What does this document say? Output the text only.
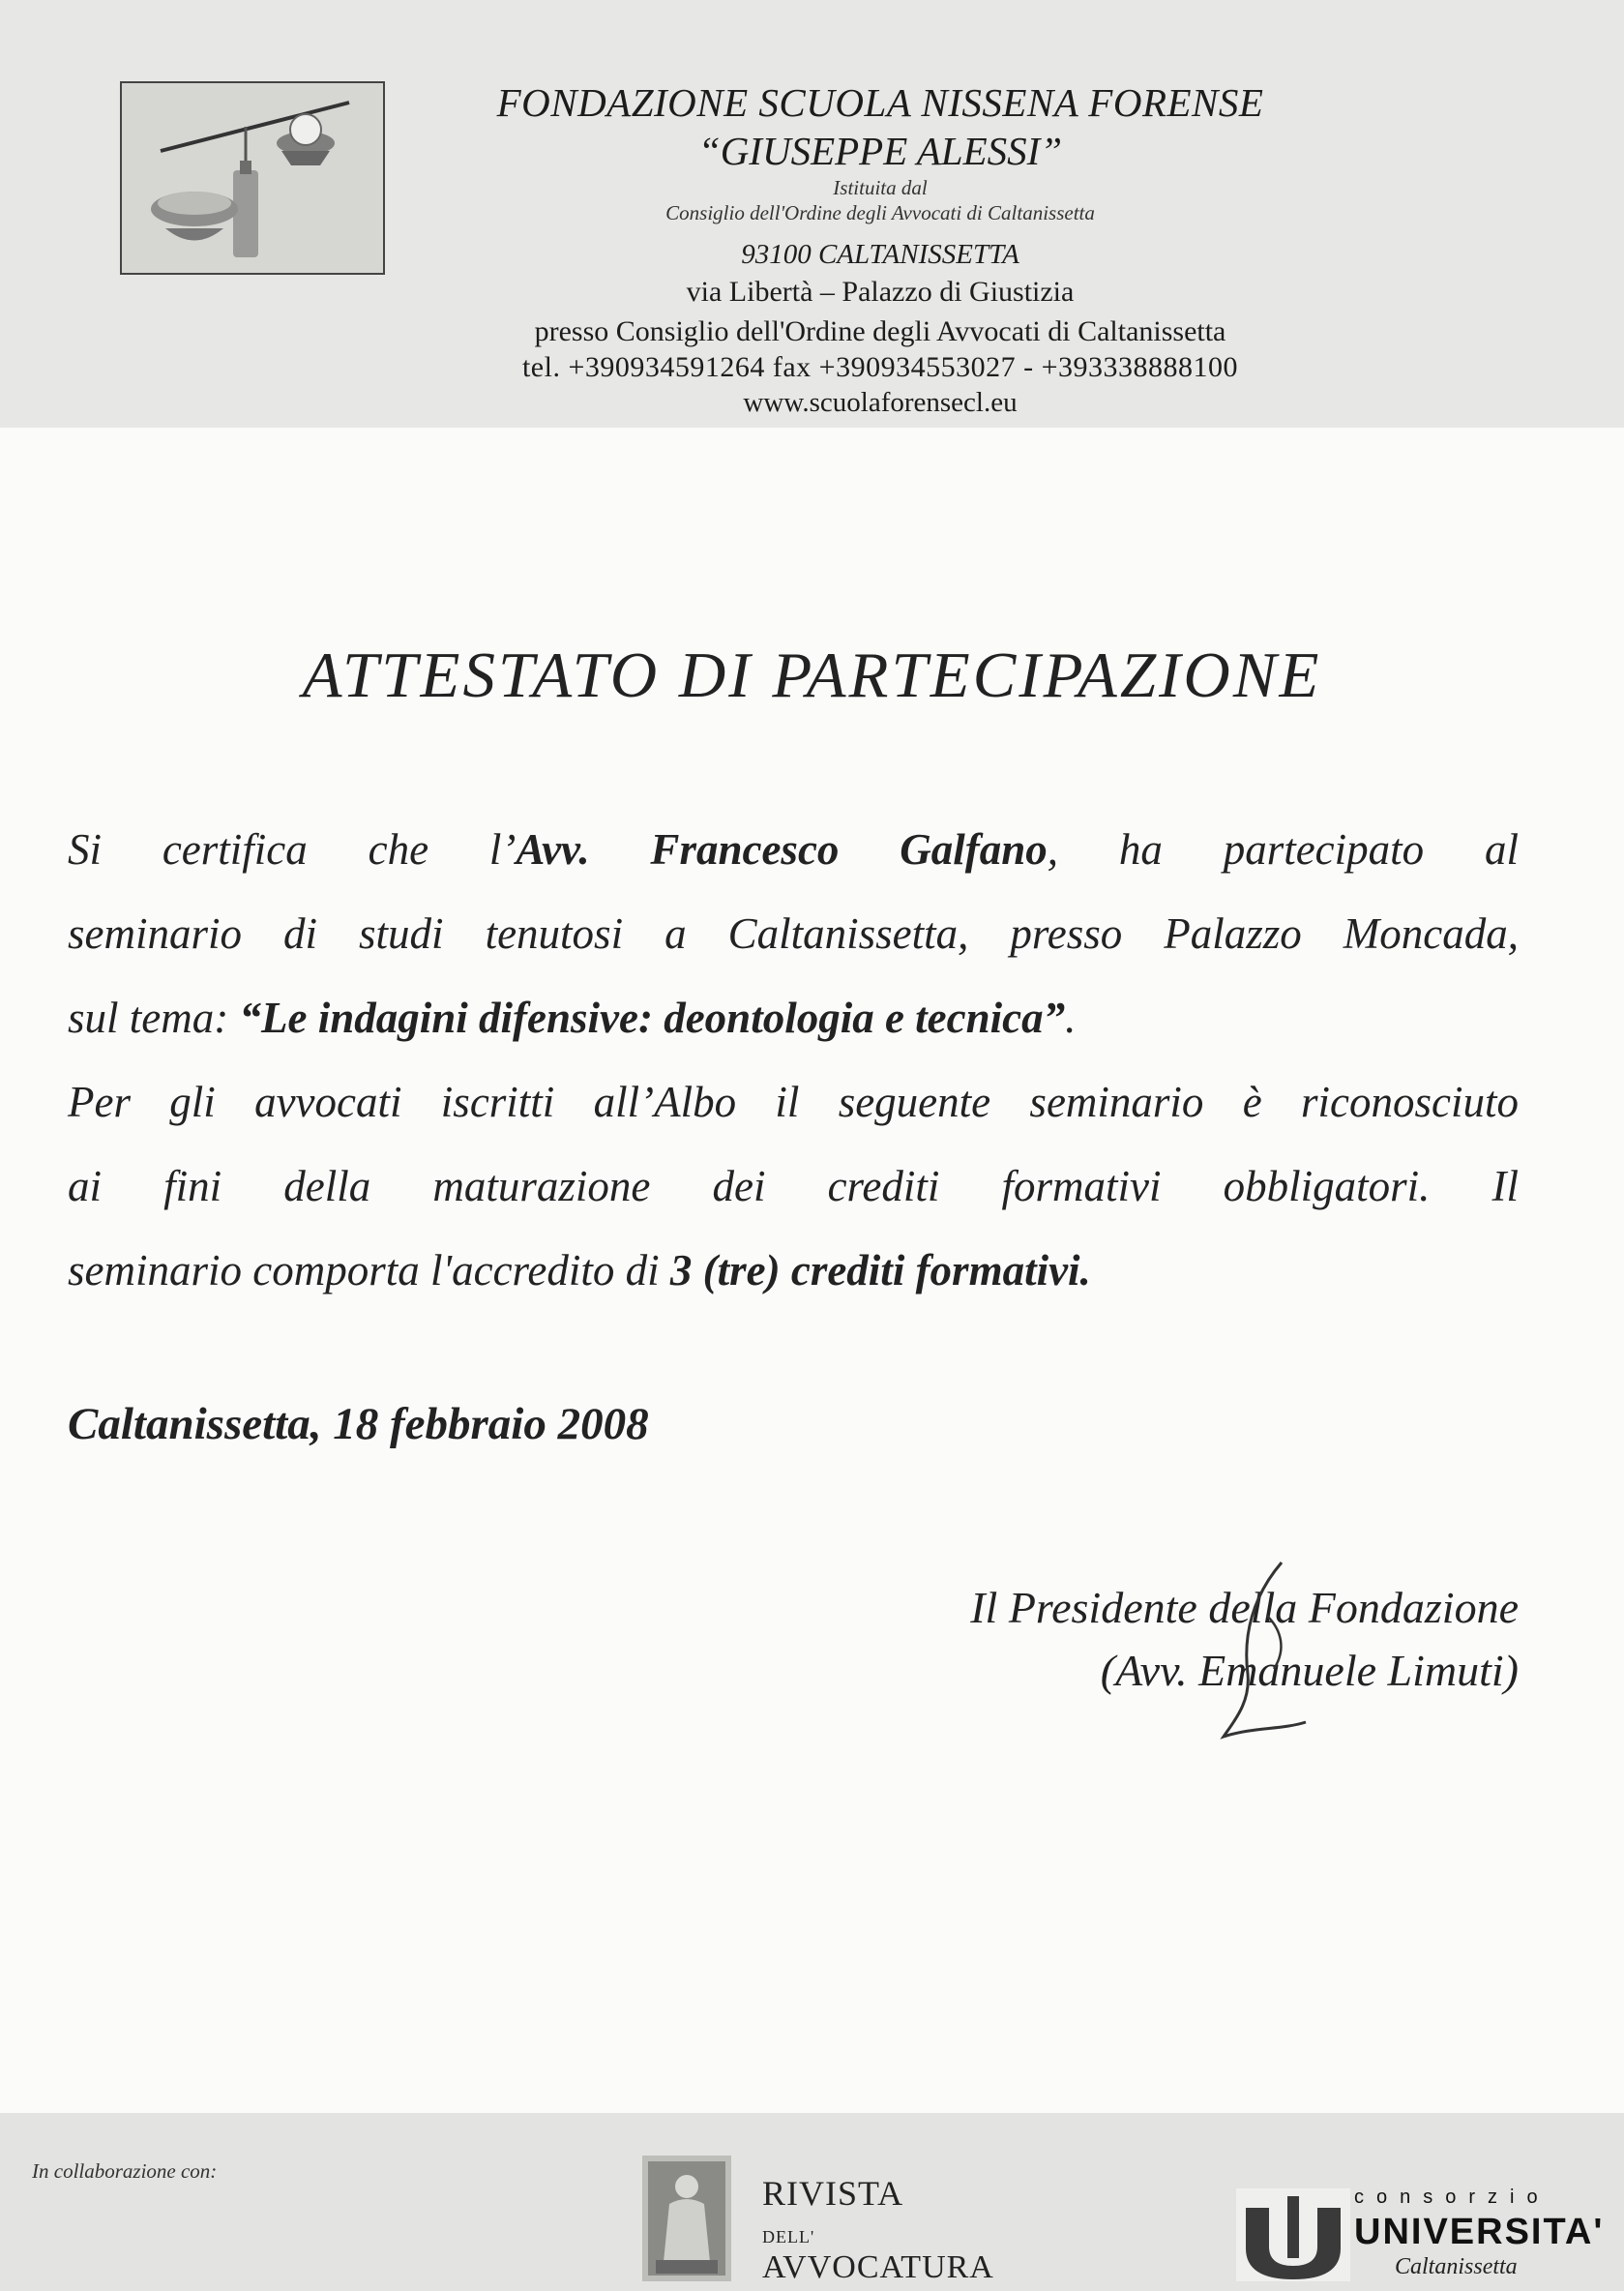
FONDAZIONE SCUOLA NISSENA FORENSE
“GIUSEPPE ALESSI”
Istituita dal
Consiglio dell'Ordine degli Avvocati di Caltanissetta
93100 CALTANISSETTA
via Libertà – Palazzo di Giustizia
presso Consiglio dell'Ordine degli Avvocati di Caltanissetta
tel. +390934591264 fax +390934553027 - +393338888100
www.scuolaforensecl.eu
ATTESTATO DI PARTECIPAZIONE
Si certifica che l’Avv. Francesco Galfano, ha partecipato al
seminario di studi tenutosi a Caltanissetta, presso Palazzo Moncada,
sul tema: “Le indagini difensive: deontologia e tecnica”.
Per gli avvocati iscritti all’Albo il seguente seminario è riconosciuto
ai fini della maturazione dei crediti formativi obbligatori. Il
seminario comporta l'accredito di 3 (tre) crediti formativi.
Caltanissetta, 18 febbraio 2008
Il Presidente della Fondazione
(Avv. Emanuele Limuti)
In collaborazione con:
RIVISTA
DELL'
AVVOCATURA
consorzio
UNIVERSITA'
Caltanissetta
